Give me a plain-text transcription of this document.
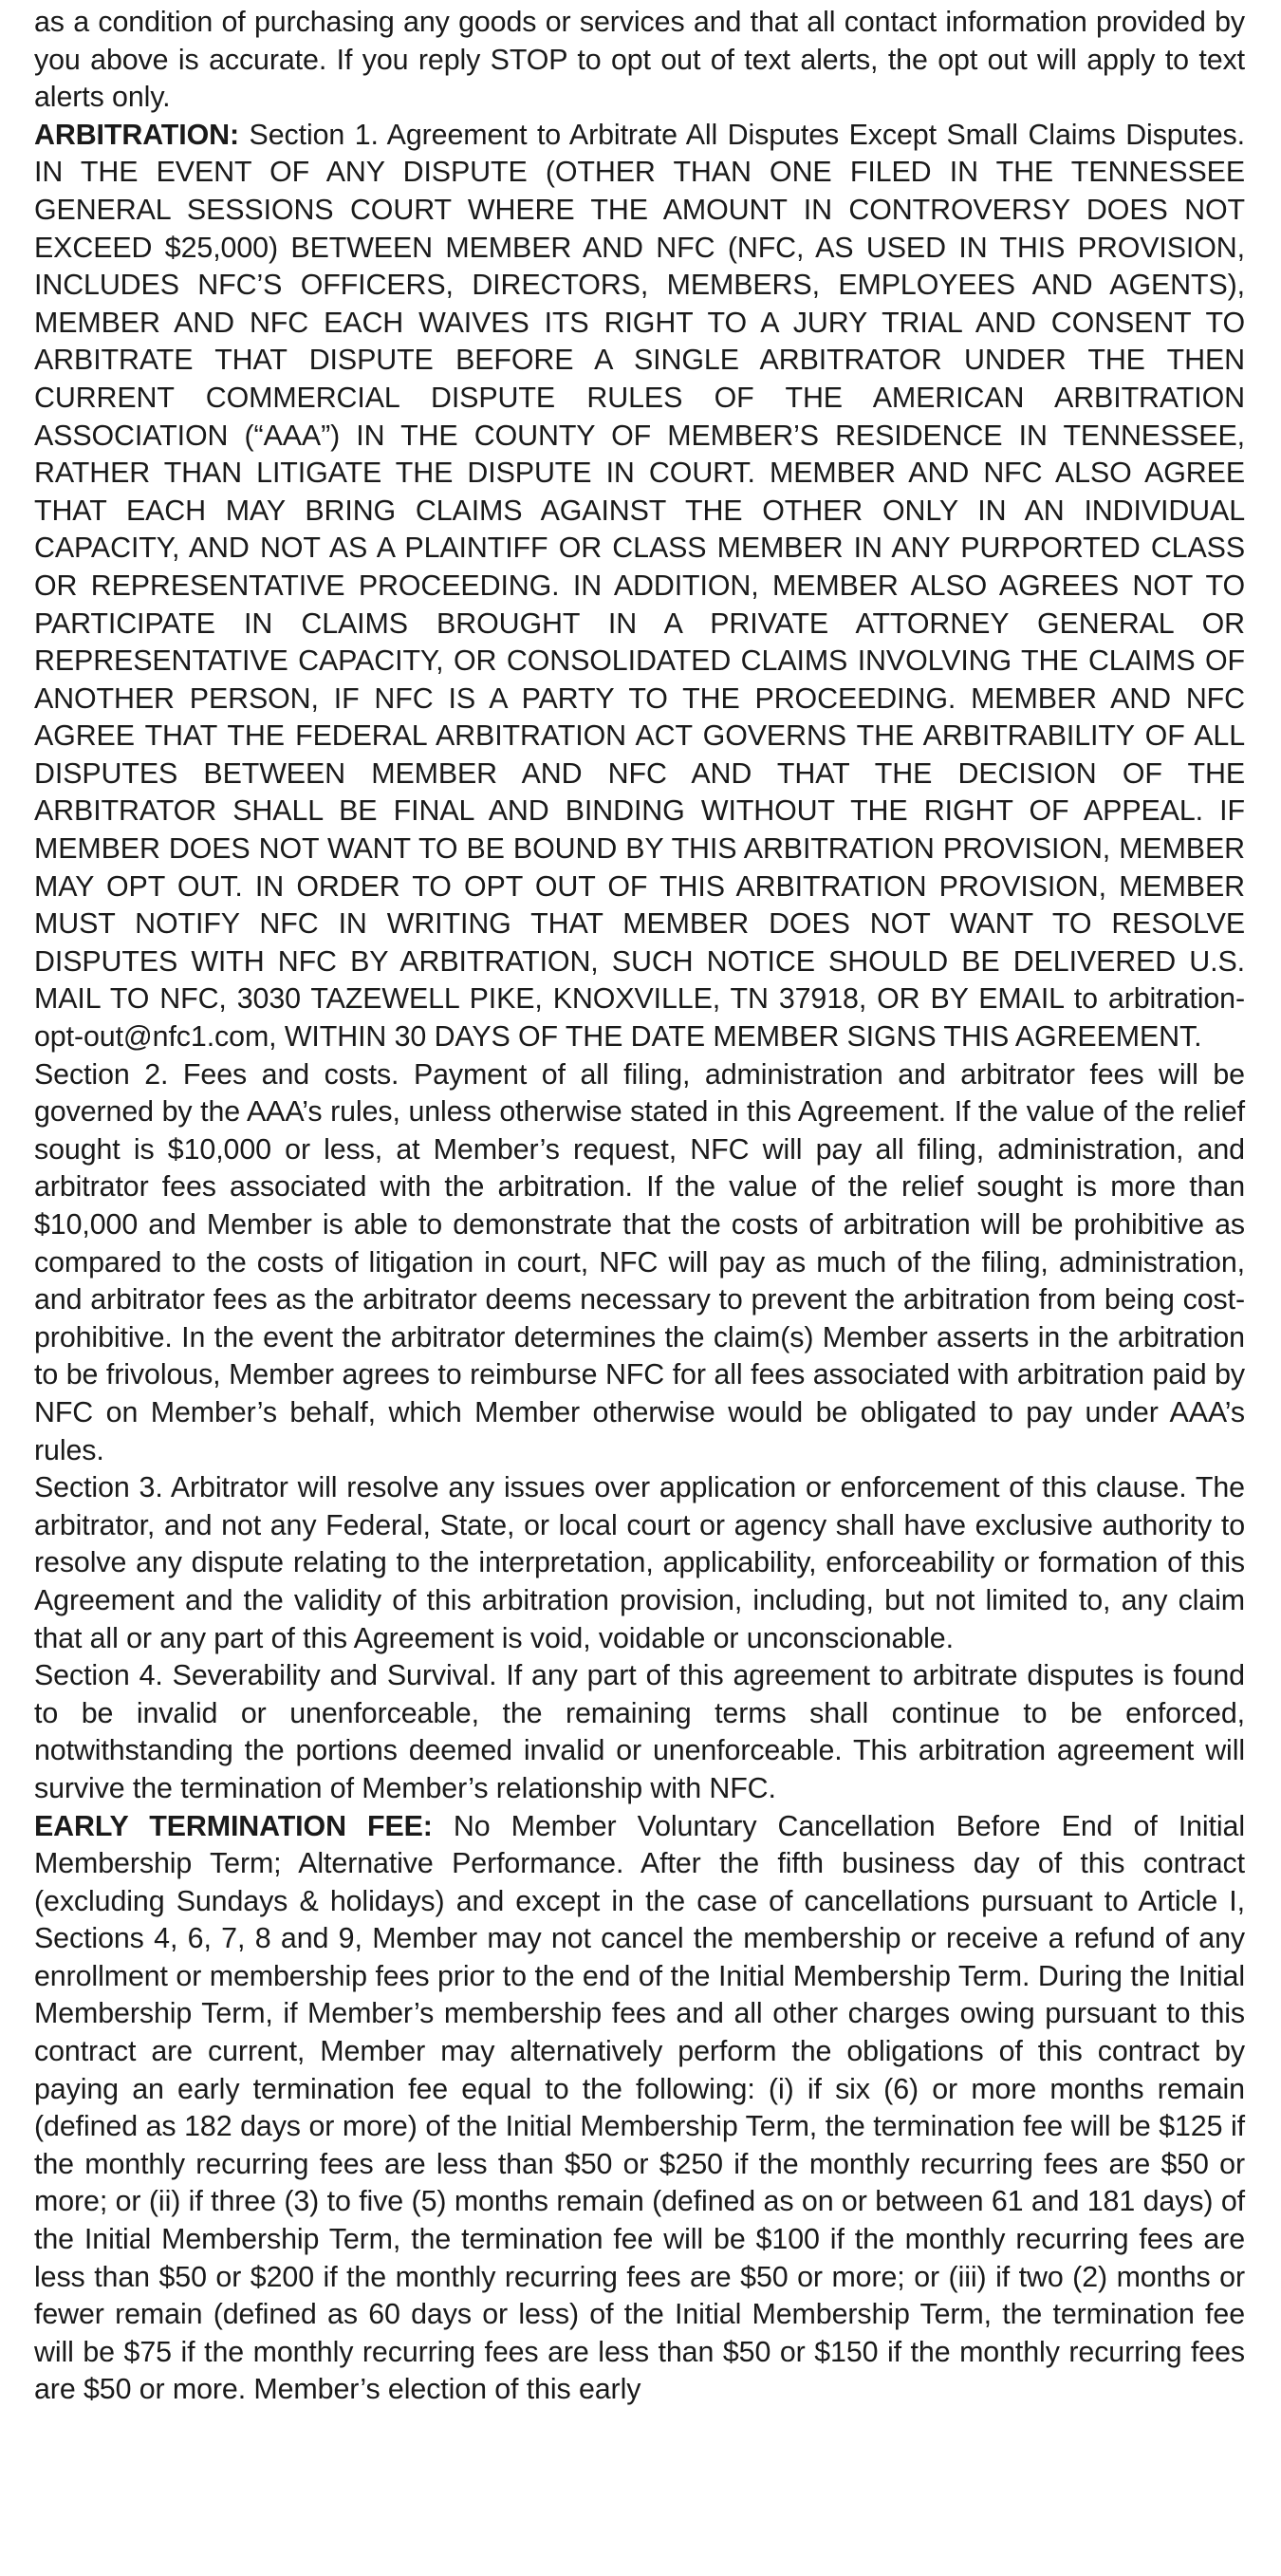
as a condition of purchasing any goods or services and that all contact information provided by you above is accurate. If you reply STOP to opt out of text alerts, the opt out will apply to text alerts only.

ARBITRATION: Section 1. Agreement to Arbitrate All Disputes Except Small Claims Disputes. IN THE EVENT OF ANY DISPUTE (OTHER THAN ONE FILED IN THE TENNESSEE GENERAL SESSIONS COURT WHERE THE AMOUNT IN CONTROVERSY DOES NOT EXCEED $25,000) BETWEEN MEMBER AND NFC (NFC, AS USED IN THIS PROVISION, INCLUDES NFC’S OFFICERS, DIRECTORS, MEMBERS, EMPLOYEES AND AGENTS), MEMBER AND NFC EACH WAIVES ITS RIGHT TO A JURY TRIAL AND CONSENT TO ARBITRATE THAT DISPUTE BEFORE A SINGLE ARBITRATOR UNDER THE THEN CURRENT COMMERCIAL DISPUTE RULES OF THE AMERICAN ARBITRATION ASSOCIATION (“AAA”) IN THE COUNTY OF MEMBER’S RESIDENCE IN TENNESSEE, RATHER THAN LITIGATE THE DISPUTE IN COURT. MEMBER AND NFC ALSO AGREE THAT EACH MAY BRING CLAIMS AGAINST THE OTHER ONLY IN AN INDIVIDUAL CAPACITY, AND NOT AS A PLAINTIFF OR CLASS MEMBER IN ANY PURPORTED CLASS OR REPRESENTATIVE PROCEEDING. IN ADDITION, MEMBER ALSO AGREES NOT TO PARTICIPATE IN CLAIMS BROUGHT IN A PRIVATE ATTORNEY GENERAL OR REPRESENTATIVE CAPACITY, OR CONSOLIDATED CLAIMS INVOLVING THE CLAIMS OF ANOTHER PERSON, IF NFC IS A PARTY TO THE PROCEEDING. MEMBER AND NFC AGREE THAT THE FEDERAL ARBITRATION ACT GOVERNS THE ARBITRABILITY OF ALL DISPUTES BETWEEN MEMBER AND NFC AND THAT THE DECISION OF THE ARBITRATOR SHALL BE FINAL AND BINDING WITHOUT THE RIGHT OF APPEAL. IF MEMBER DOES NOT WANT TO BE BOUND BY THIS ARBITRATION PROVISION, MEMBER MAY OPT OUT. IN ORDER TO OPT OUT OF THIS ARBITRATION PROVISION, MEMBER MUST NOTIFY NFC IN WRITING THAT MEMBER DOES NOT WANT TO RESOLVE DISPUTES WITH NFC BY ARBITRATION, SUCH NOTICE SHOULD BE DELIVERED U.S. MAIL TO NFC, 3030 TAZEWELL PIKE, KNOXVILLE, TN 37918, OR BY EMAIL to arbitration-opt-out@nfc1.com, WITHIN 30 DAYS OF THE DATE MEMBER SIGNS THIS AGREEMENT.

Section 2. Fees and costs. Payment of all filing, administration and arbitrator fees will be governed by the AAA’s rules, unless otherwise stated in this Agreement. If the value of the relief sought is $10,000 or less, at Member’s request, NFC will pay all filing, administration, and arbitrator fees associated with the arbitration. If the value of the relief sought is more than $10,000 and Member is able to demonstrate that the costs of arbitration will be prohibitive as compared to the costs of litigation in court, NFC will pay as much of the filing, administration, and arbitrator fees as the arbitrator deems necessary to prevent the arbitration from being cost-prohibitive. In the event the arbitrator determines the claim(s) Member asserts in the arbitration to be frivolous, Member agrees to reimburse NFC for all fees associated with arbitration paid by NFC on Member’s behalf, which Member otherwise would be obligated to pay under AAA’s rules.

Section 3. Arbitrator will resolve any issues over application or enforcement of this clause. The arbitrator, and not any Federal, State, or local court or agency shall have exclusive authority to resolve any dispute relating to the interpretation, applicability, enforceability or formation of this Agreement and the validity of this arbitration provision, including, but not limited to, any claim that all or any part of this Agreement is void, voidable or unconscionable.

Section 4. Severability and Survival. If any part of this agreement to arbitrate disputes is found to be invalid or unenforceable, the remaining terms shall continue to be enforced, notwithstanding the portions deemed invalid or unenforceable. This arbitration agreement will survive the termination of Member’s relationship with NFC.

EARLY TERMINATION FEE: No Member Voluntary Cancellation Before End of Initial Membership Term; Alternative Performance. After the fifth business day of this contract (excluding Sundays & holidays) and except in the case of cancellations pursuant to Article I, Sections 4, 6, 7, 8 and 9, Member may not cancel the membership or receive a refund of any enrollment or membership fees prior to the end of the Initial Membership Term. During the Initial Membership Term, if Member’s membership fees and all other charges owing pursuant to this contract are current, Member may alternatively perform the obligations of this contract by paying an early termination fee equal to the following: (i) if six (6) or more months remain (defined as 182 days or more) of the Initial Membership Term, the termination fee will be $125 if the monthly recurring fees are less than $50 or $250 if the monthly recurring fees are $50 or more; or (ii) if three (3) to five (5) months remain (defined as on or between 61 and 181 days) of the Initial Membership Term, the termination fee will be $100 if the monthly recurring fees are less than $50 or $200 if the monthly recurring fees are $50 or more; or (iii) if two (2) months or fewer remain (defined as 60 days or less) of the Initial Membership Term, the termination fee will be $75 if the monthly recurring fees are less than $50 or $150 if the monthly recurring fees are $50 or more. Member’s election of this early
